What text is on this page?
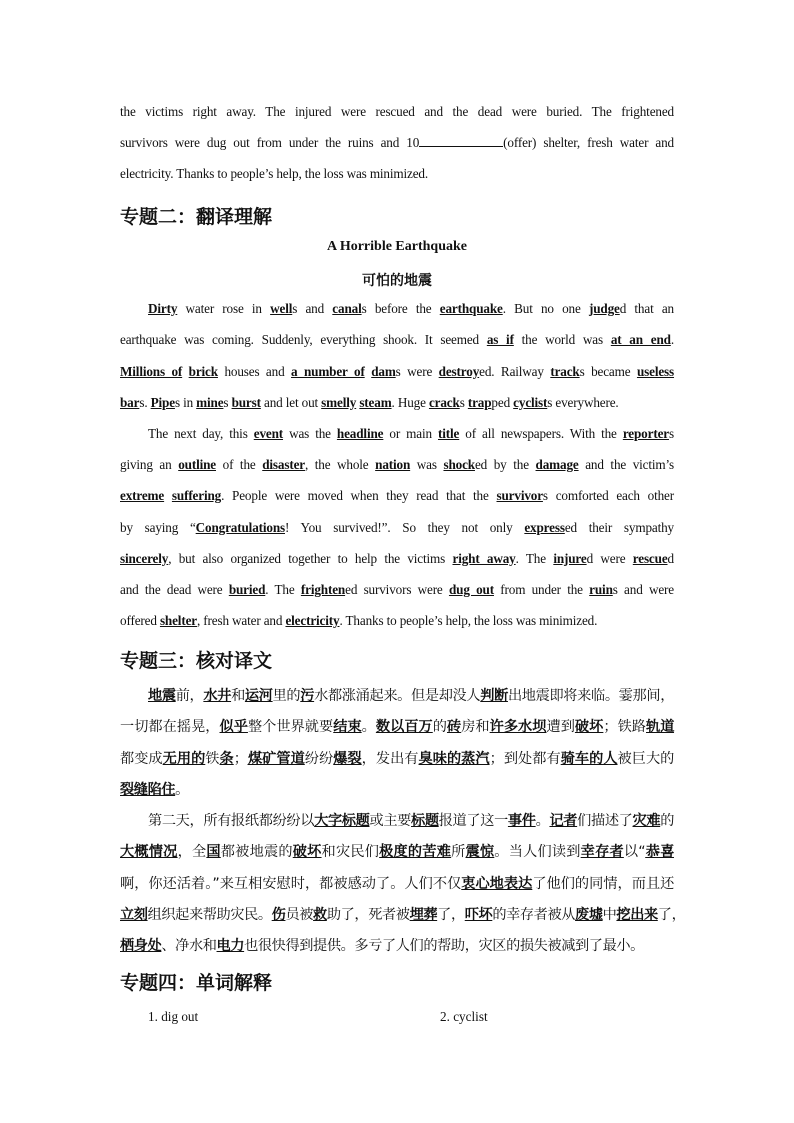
the victims right away. The injured were rescued and the dead were buried. The frightened
survivors were dug out from under the ruins and 10	(offer) shelter, fresh water and
electricity. Thanks to people’s help, the loss was minimized.
专题二：翻译理解
A Horrible Earthquake
可怕的地震
Dirty water rose in wells and canals before the earthquake. But no one judged that an
earthquake was coming. Suddenly, everything shook. It seemed as if the world was at an end.
Millions of brick houses and a number of dams were destroyed. Railway tracks became useless
bars. Pipes in mines burst and let out smelly steam. Huge cracks trapped cyclists everywhere.
The next day, this event was the headline or main title of all newspapers. With the reporters
giving an outline of the disaster, the whole nation was shocked by the damage and the victim’s
extreme suffering. People were moved when they read that the survivors comforted each other
by saying “Congratulations! You survived!”. So they not only expressed their sympathy
sincerely, but also organized together to help the victims right away. The injured were rescued
and the dead were buried. The frightened survivors were dug out from under the ruins and were
offered shelter, fresh water and electricity. Thanks to people’s help, the loss was minimized.
专题三：核对译文
地震前，水井和运河里的污水都涨涌起来。但是却没人判断出地震即将来临。霎那间，
一切都在摇晃，似乎整个世界就要结束。数以百万的砖房和许多水坝遭到破坏；铁路轨道
都变成无用的铁条；煤矿管道纷纷爆裂，发出有臭味的蒸汽；到处都有骑车的人被巨大的
裂缝陷住。
第二天，所有报纸都纷纷以大字标题或主要标题报道了这一事件。记者们描述了灾难的
大概情况，全国都被地震的破坏和灾民们极度的苦难所震惊。当人们读到幸存者以“恭喜
啊，你还活着。”来互相安慰时，都被感动了。人们不仅衷心地表达了他们的同情，而且还
立刻组织起来帮助灾民。伤员被救助了，死者被埋葬了，吓坏的幸存者被从废墟中挖出来了，
栖身处、净水和电力也很快得到提供。多亏了人们的帮助，灾区的损失被减到了最小。
专题四：单词解释
1. dig out	2. cyclist
